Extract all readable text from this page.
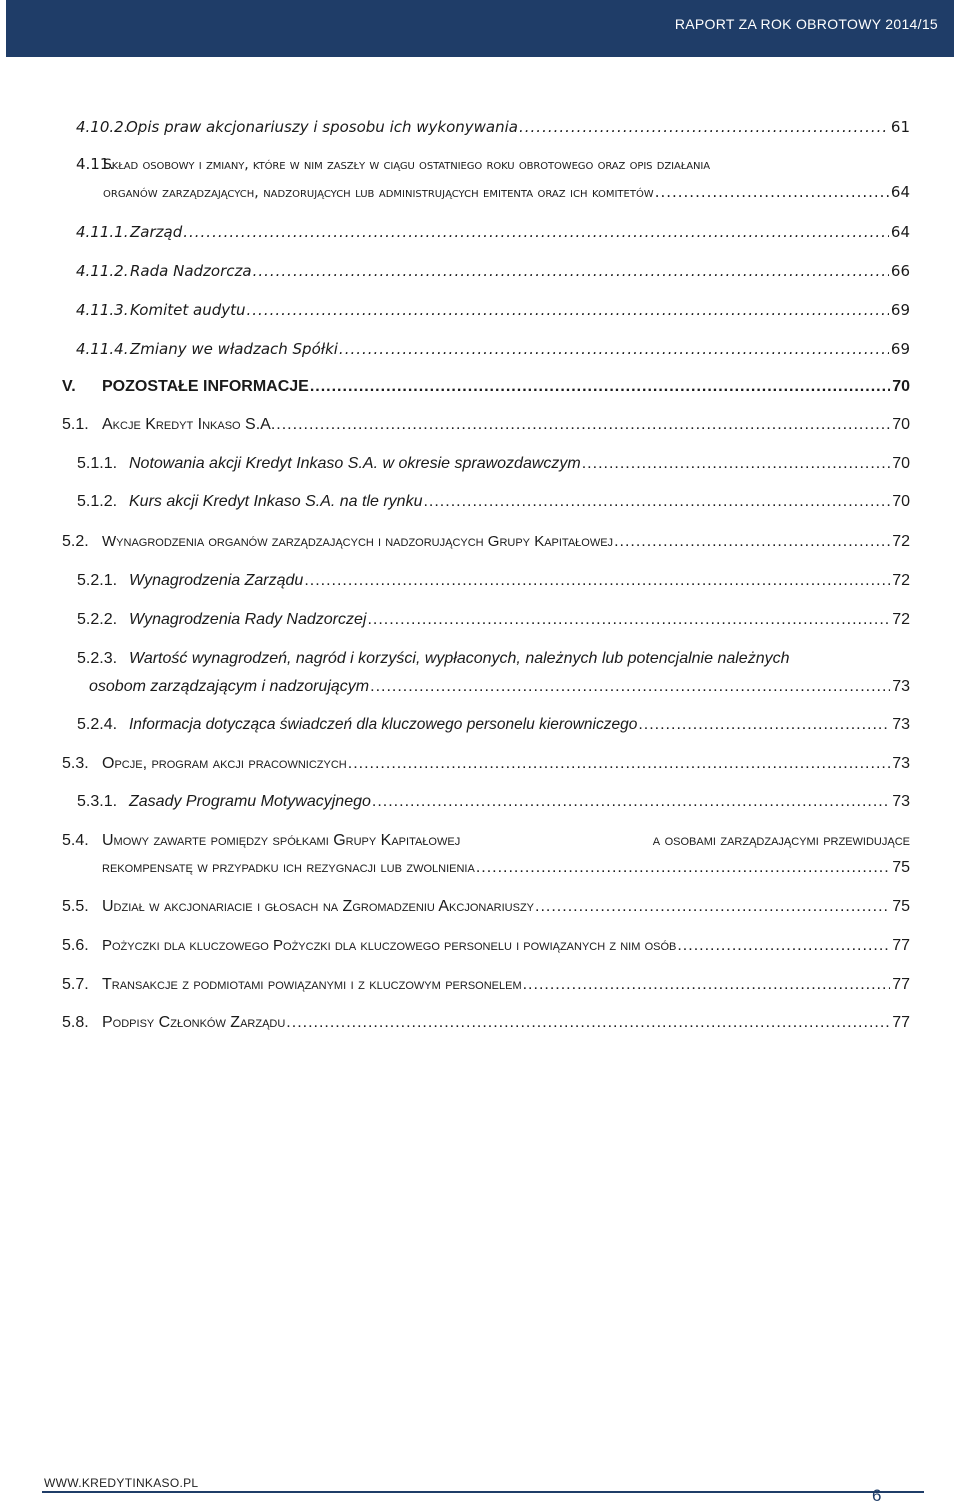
RAPORT ZA ROK OBROTOWY 2014/15
4.10.2.
Opis praw akcjonariuszy i sposobu ich wykonywania .....	61
4.11.
Skład osobowy i zmiany, które w nim zaszły w ciągu ostatniego roku obrotowego oraz opis działania
organów zarządzających, nadzorujących lub administrujących emitenta oraz ich komitetów .....	64
4.11.1. Zarząd .....	64
4.11.2. Rada Nadzorcza .....	66
4.11.3. Komitet audytu .....	69
4.11.4. Zmiany we władzach Spółki .....	69
V.	POZOSTAŁE INFORMACJE .....	70
5.1. Akcje Kredyt Inkaso S.A. .....	70
5.1.1. Notowania akcji Kredyt Inkaso S.A. w okresie sprawozdawczym .....	70
5.1.2. Kurs akcji Kredyt Inkaso S.A. na tle rynku .....	70
5.2. Wynagrodzenia organów zarządzających i nadzorujących Grupy Kapitałowej .....	72
5.2.1. Wynagrodzenia Zarządu .....	72
5.2.2. Wynagrodzenia Rady Nadzorczej .....	72
5.2.3. Wartość wynagrodzeń, nagród i korzyści, wypłaconych, należnych lub potencjalnie należnych
osobom zarządzającym i nadzorującym .....	73
5.2.4. Informacja dotycząca świadczeń dla kluczowego personelu kierowniczego .....	73
5.3. Opcje, program akcji pracowniczych .....	73
5.3.1. Zasady Programu Motywacyjnego .....	73
5.4. Umowy zawarte pomiędzy spółkami Grupy Kapitałowej	a osobami zarządzającymi przewidujące
rekompensatę w przypadku ich rezygnacji lub zwolnienia .....	75
5.5. Udział w akcjonariacie i głosach na Zgromadzeniu Akcjonariuszy .....	75
5.6. Pożyczki dla kluczowego Pożyczki dla kluczowego personelu i powiązanych z nim osób .....	77
5.7. Transakcje z podmiotami powiązanymi i z kluczowym personelem .....	77
5.8. Podpisy Członków Zarządu .....	77
WWW.KREDYTINKASO.PL
6
